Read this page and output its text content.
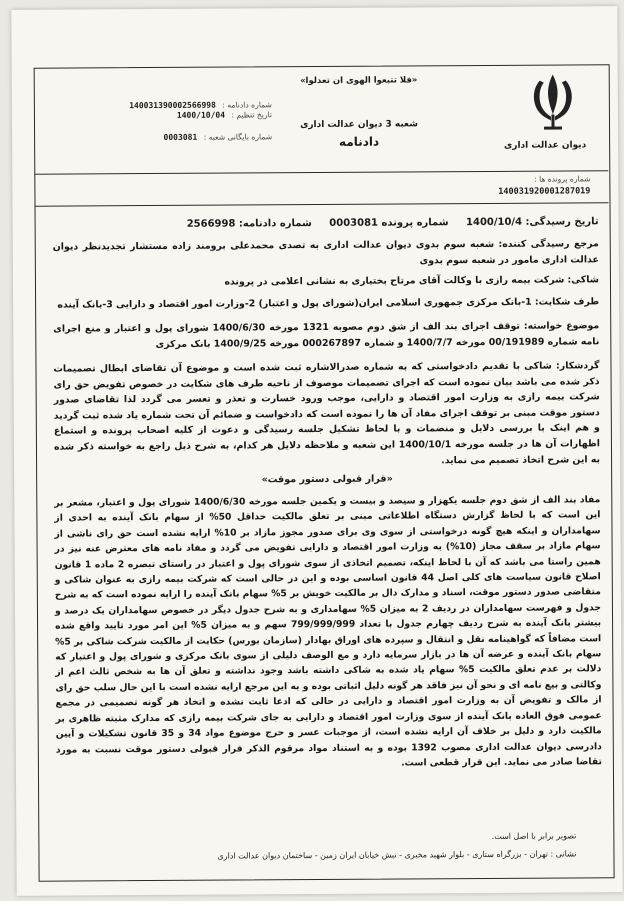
دیوان عدالت اداری
«فلا تتبعوا الهوی ان تعدلوا»
شعبه 3 دیوان عدالت اداری
دادنامه
شماره دادنامه : 140031390002566998
تاریخ تنظیم : 1400/10/04
شماره بایگانی شعبه : 0003081
شماره پرونده ها :
140031920001287019
تاریخ رسیدگی: 1400/10/4 شماره پرونده 0003081 شماره دادنامه: 2566998
مرجع رسیدگی کننده: شعبه سوم بدوی دیوان عدالت اداری به تصدی محمدعلی برومند زاده مستشار تجدیدنظر دیوان عدالت اداری مامور در شعبه سوم بدوی
شاکی: شرکت بیمه رازی با وکالت آقای مرتاح بختیاری به نشانی اعلامی در پرونده
طرف شکایت: 1-بانک مرکزی جمهوری اسلامی ایران(شورای پول و اعتبار) 2-وزارت امور اقتصاد و دارایی 3-بانک آینده
موضوع خواسته: توقف اجرای بند الف از شق دوم مصوبه 1321 مورخه 1400/6/30 شورای پول و اعتبار و منع اجرای نامه شماره 00/191989 مورخه 1400/7/7 و شماره 000267897 مورخه 1400/9/25 بانک مرکزی
گردشکار: شاکی با تقدیم دادخواستی که به شماره صدرالاشاره ثبت شده است و موضوع آن تقاضای ابطال تصمیمات ذکر شده می باشد بیان نموده است که اجرای تصمیمات موصوف از ناحیه طرف های شکایت در خصوص تفویض حق رای شرکت بیمه رازی به وزارت امور اقتصاد و دارایی، موجب ورود خسارت و تعذر و تعسر می گردد لذا تقاضای صدور دستور موقت مبنی بر توقف اجرای مفاد آن ها را نموده است که دادخواست و ضمائم آن تحت شماره یاد شده ثبت گردید و هم اینک با بررسی دلایل و منضمات و با لحاظ تشکیل جلسه رسیدگی و دعوت از کلیه اصحاب پرونده و استماع اظهارات آن ها در جلسه مورخه 1400/10/1 این شعبه و ملاحظه دلایل هر کدام، به شرح ذیل راجع به خواسته ذکر شده به این شرح اتخاذ تصمیم می نماید.
«قرار قبولی دستور موقت»
مفاد بند الف از شق دوم جلسه یکهزار و سیصد و بیست و یکمین جلسه مورخه 1400/6/30 شورای پول و اعتبار، مشعر بر این است که با لحاظ گزارش دستگاه اطلاعاتی مبنی بر تعلق مالکیت حداقل 50% از سهام بانک آینده به احدی از سهامداران و اینکه هیچ گونه درخواستی از سوی وی برای صدور مجوز مازاد بر 10% ارایه نشده است حق رای ناشی از سهام مازاد بر سقف مجاز (10%) به وزارت امور اقتصاد و دارایی تفویض می گردد و مفاد نامه های معترض عنه نیز در همین راستا می باشد که آن با لحاظ اینکه، تصمیم اتخاذی از سوی شورای پول و اعتبار در راستای تبصره 2 ماده 1 قانون اصلاح قانون سیاست های کلی اصل 44 قانون اساسی بوده و این در حالی است که شرکت بیمه رازی به عنوان شاکی و متقاضی صدور دستور موقت، اسناد و مدارک دال بر مالکیت خویش بر 5% سهام بانک آینده را ارایه نموده است که به شرح جدول و فهرست سهامداران در ردیف 2 به میزان 5% سهامداری و به شرح جدول دیگر در خصوص سهامداران یک درصد و بیشتر بانک آینده به شرح ردیف چهارم جدول با تعداد 799/999/999 سهم و به میزان 5% این امر مورد تایید واقع شده است مضافاً که گواهینامه نقل و انتقال و سپرده های اوراق بهادار (سازمان بورس) حکایت از مالکیت شرکت شاکی بر 5% سهام بانک آینده و عرضه آن ها در بازار سرمایه دارد و مع الوصف دلیلی از سوی بانک مرکزی و شورای پول و اعتبار که دلالت بر عدم تعلق مالکیت 5% سهام یاد شده به شاکی داشته باشد وجود نداشته و تعلق آن ها به شخص ثالث اعم از وکالتی و بیع نامه ای و نحو آن نیز فاقد هر گونه دلیل اثباتی بوده و به این مرجع ارایه نشده است با این حال سلب حق رای از مالک و تفویض آن به وزارت امور اقتصاد و دارایی در حالی که ادعا ثابت نشده و اتخاذ هر گونه تصمیمی در مجمع عمومی فوق العاده بانک آینده از سوی وزارت امور اقتصاد و دارایی به جای شرکت بیمه رازی که مدارک مثبته ظاهری بر مالکیت دارد و دلیل بر خلاف آن ارایه نشده است، از موجبات عسر و حرج موضوع مواد 34 و 35 قانون تشکیلات و آیین دادرسی دیوان عدالت اداری مصوب 1392 بوده و به استناد مواد مرقوم الذکر قرار قبولی دستور موقت نسبت به مورد تقاضا صادر می نماید. این قرار قطعی است.
تصویر برابر با اصل است.
نشانی : تهران - بزرگراه ستاری - بلوار شهید مخبری - نبش خیابان ایران زمین - ساختمان دیوان عدالت اداری
